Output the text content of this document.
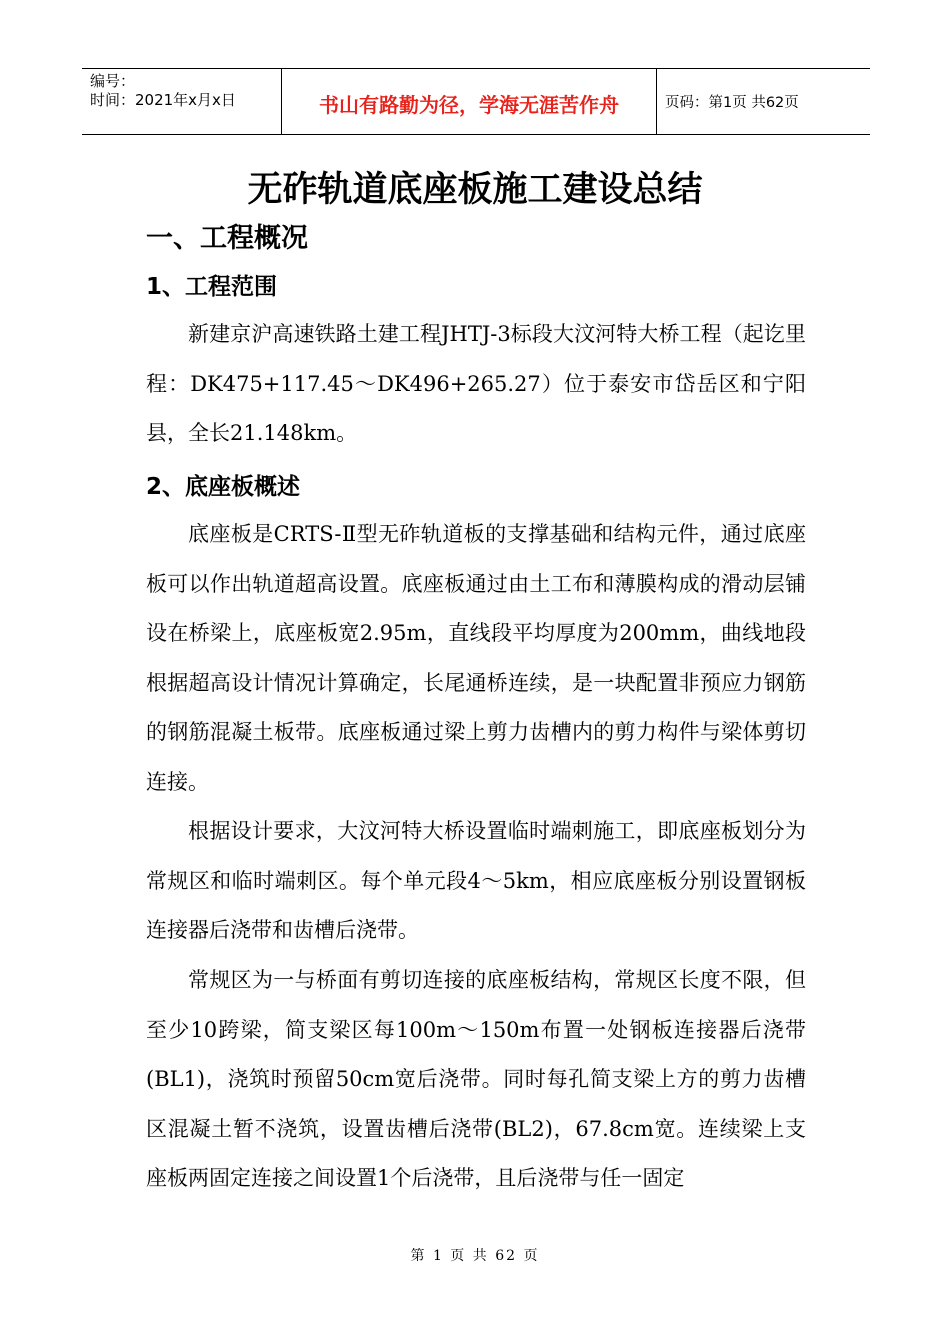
编号：
时间：2021年x月x日	书山有路勤为径，学海无涯苦作舟	页码：第1页 共62页
无砟轨道底座板施工建设总结
一、工程概况
1、工程范围

新建京沪高速铁路土建工程JHTJ-3标段大汶河特大桥工程（起讫里程：DK475+117.45～DK496+265.27）位于泰安市岱岳区和宁阳县，全长21.148km。

2、底座板概述

底座板是CRTS-Ⅱ型无砟轨道板的支撑基础和结构元件，通过底座板可以作出轨道超高设置。底座板通过由土工布和薄膜构成的滑动层铺设在桥梁上，底座板宽2.95m，直线段平均厚度为200mm，曲线地段根据超高设计情况计算确定，长尾通桥连续，是一块配置非预应力钢筋的钢筋混凝土板带。底座板通过梁上剪力齿槽内的剪力构件与梁体剪切连接。

根据设计要求，大汶河特大桥设置临时端刺施工，即底座板划分为常规区和临时端刺区。每个单元段4～5km，相应底座板分别设置钢板连接器后浇带和齿槽后浇带。

常规区为一与桥面有剪切连接的底座板结构，常规区长度不限，但至少10跨梁，简支梁区每100m～150m布置一处钢板连接器后浇带(BL1)，浇筑时预留50cm宽后浇带。同时每孔简支梁上方的剪力齿槽区混凝土暂不浇筑，设置齿槽后浇带(BL2)，67.8cm宽。连续梁上支座板两固定连接之间设置1个后浇带，且后浇带与任一固定

第 1 页 共 62 页
